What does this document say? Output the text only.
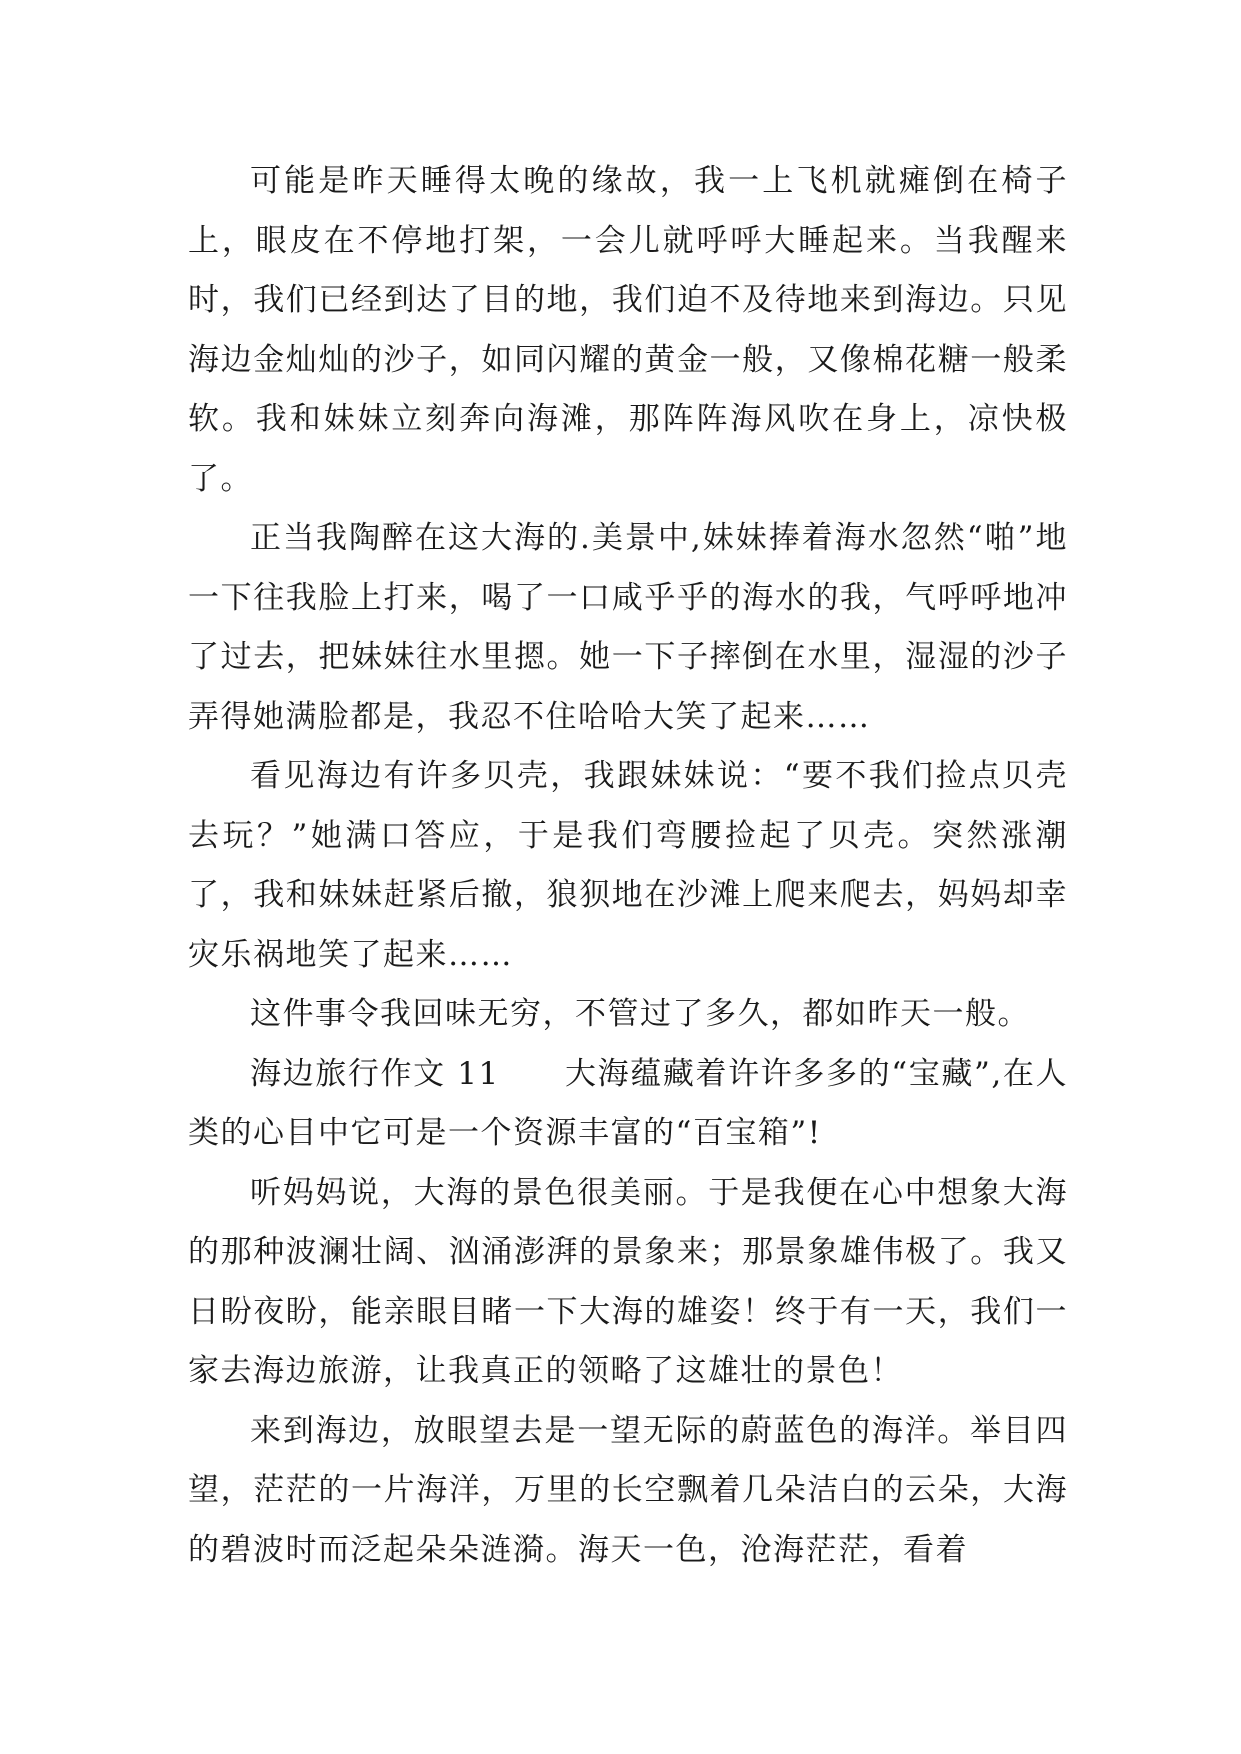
可能是昨天睡得太晚的缘故，我一上飞机就瘫倒在椅子上，眼皮在不停地打架，一会儿就呼呼大睡起来。当我醒来时，我们已经到达了目的地，我们迫不及待地来到海边。只见海边金灿灿的沙子，如同闪耀的黄金一般，又像棉花糖一般柔软。我和妹妹立刻奔向海滩，那阵阵海风吹在身上，凉快极了。

正当我陶醉在这大海的.美景中,妹妹捧着海水忽然“啪”地一下往我脸上打来，喝了一口咸乎乎的海水的我，气呼呼地冲了过去，把妹妹往水里摁。她一下子摔倒在水里，湿湿的沙子弄得她满脸都是，我忍不住哈哈大笑了起来……

看见海边有许多贝壳，我跟妹妹说：“要不我们捡点贝壳去玩？”她满口答应，于是我们弯腰捡起了贝壳。突然涨潮了，我和妹妹赶紧后撤，狼狈地在沙滩上爬来爬去，妈妈却幸灾乐祸地笑了起来……

这件事令我回味无穷，不管过了多久，都如昨天一般。

海边旅行作文 11　　大海蕴藏着许许多多的“宝藏”,在人类的心目中它可是一个资源丰富的“百宝箱”!

听妈妈说，大海的景色很美丽。于是我便在心中想象大海的那种波澜壮阔、汹涌澎湃的景象来；那景象雄伟极了。我又日盼夜盼，能亲眼目睹一下大海的雄姿！终于有一天，我们一家去海边旅游，让我真正的领略了这雄壮的景色！

来到海边，放眼望去是一望无际的蔚蓝色的海洋。举目四望，茫茫的一片海洋，万里的长空飘着几朵洁白的云朵，大海的碧波时而泛起朵朵涟漪。海天一色，沧海茫茫，看着
